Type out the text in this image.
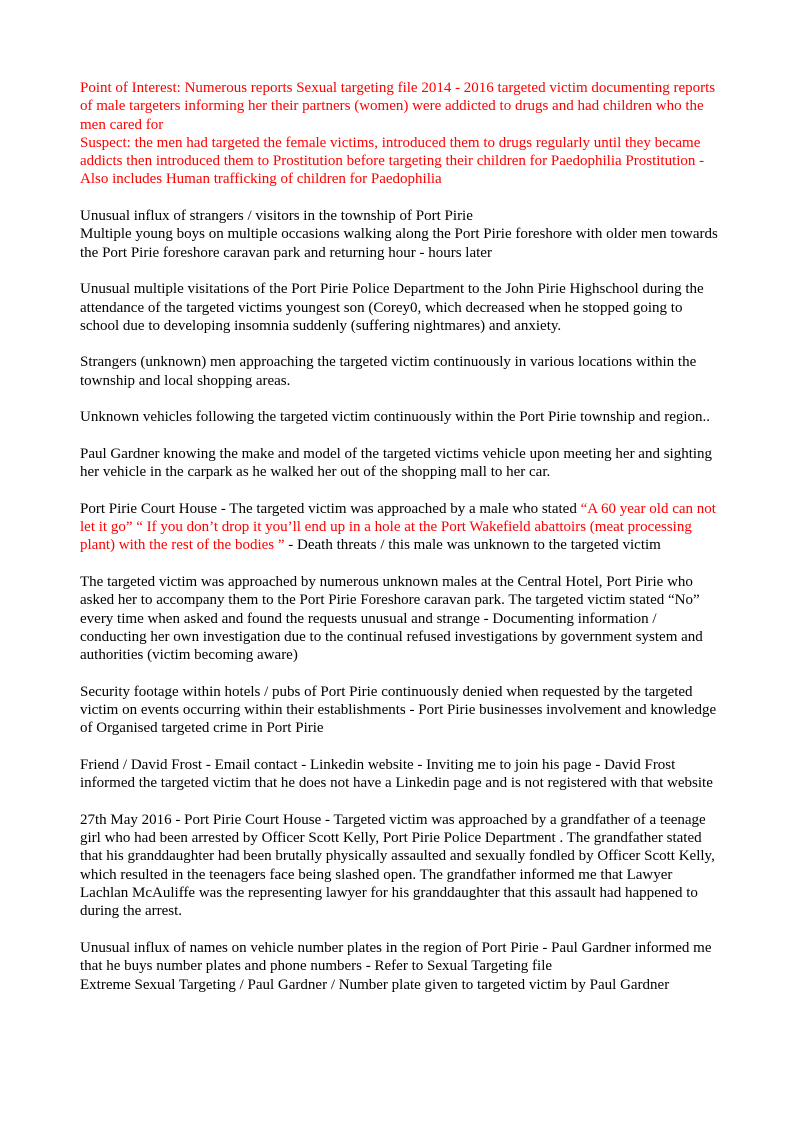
Point of Interest: Numerous reports Sexual targeting file 2014 - 2016 targeted victim documenting reports of male targeters informing her their partners (women) were addicted to drugs and had children who the men cared for

Suspect: the men had targeted the female victims, introduced them to drugs regularly until they became addicts then introduced them to Prostitution before targeting their children for Paedophilia Prostitution - Also includes Human trafficking of children for Paedophilia

Unusual influx of strangers / visitors in the township of Port Pirie

Multiple young boys on multiple occasions walking along the Port Pirie foreshore with older men towards the Port Pirie foreshore caravan park and returning hour - hours later

Unusual multiple visitations of the Port Pirie Police Department to the John Pirie Highschool during the attendance of the targeted victims youngest son (Corey0, which decreased when he stopped going to school due to developing insomnia suddenly (suffering nightmares) and anxiety.

Strangers (unknown) men approaching the targeted victim continuously in various locations within the township and local shopping areas.

Unknown vehicles following the targeted victim continuously within the Port Pirie township and region..

Paul Gardner knowing the make and model of the targeted victims vehicle upon meeting her and sighting her vehicle in the carpark as he walked her out of the shopping mall to her car.

Port Pirie Court House - The targeted victim was approached by a male who stated “A 60 year old can not let it go” “ If you don’t drop it you’ll end up in a hole at the Port Wakefield abattoirs (meat processing plant) with the rest of the bodies ” - Death threats / this male was unknown to the targeted victim

The targeted victim was approached by numerous unknown males at the Central Hotel, Port Pirie who asked her to accompany them to the Port Pirie Foreshore caravan park. The targeted victim stated “No” every time when asked and found the requests unusual and strange - Documenting information / conducting her own investigation due to the continual refused investigations by government system and authorities (victim becoming aware)

Security footage within hotels / pubs of Port Pirie continuously denied when requested by the targeted victim on events occurring within their establishments - Port Pirie businesses involvement and knowledge of Organised targeted crime in Port Pirie

Friend / David Frost - Email contact - Linkedin website - Inviting me to join his page - David Frost informed the targeted victim that he does not have a Linkedin page and is not registered with that website

27th May 2016 - Port Pirie Court House - Targeted victim was approached by a grandfather of a teenage girl who had been arrested by Officer Scott Kelly, Port Pirie Police Department . The grandfather stated that his granddaughter had been brutally physically assaulted and sexually fondled by Officer Scott Kelly, which resulted in the teenagers face being slashed open. The grandfather informed me that Lawyer Lachlan McAuliffe was the representing lawyer for his granddaughter that this assault had happened to during the arrest.

Unusual influx of names on vehicle number plates in the region of Port Pirie - Paul Gardner informed me that he buys number plates and phone numbers - Refer to Sexual Targeting file

Extreme Sexual Targeting / Paul Gardner / Number plate given to targeted victim by Paul Gardner
